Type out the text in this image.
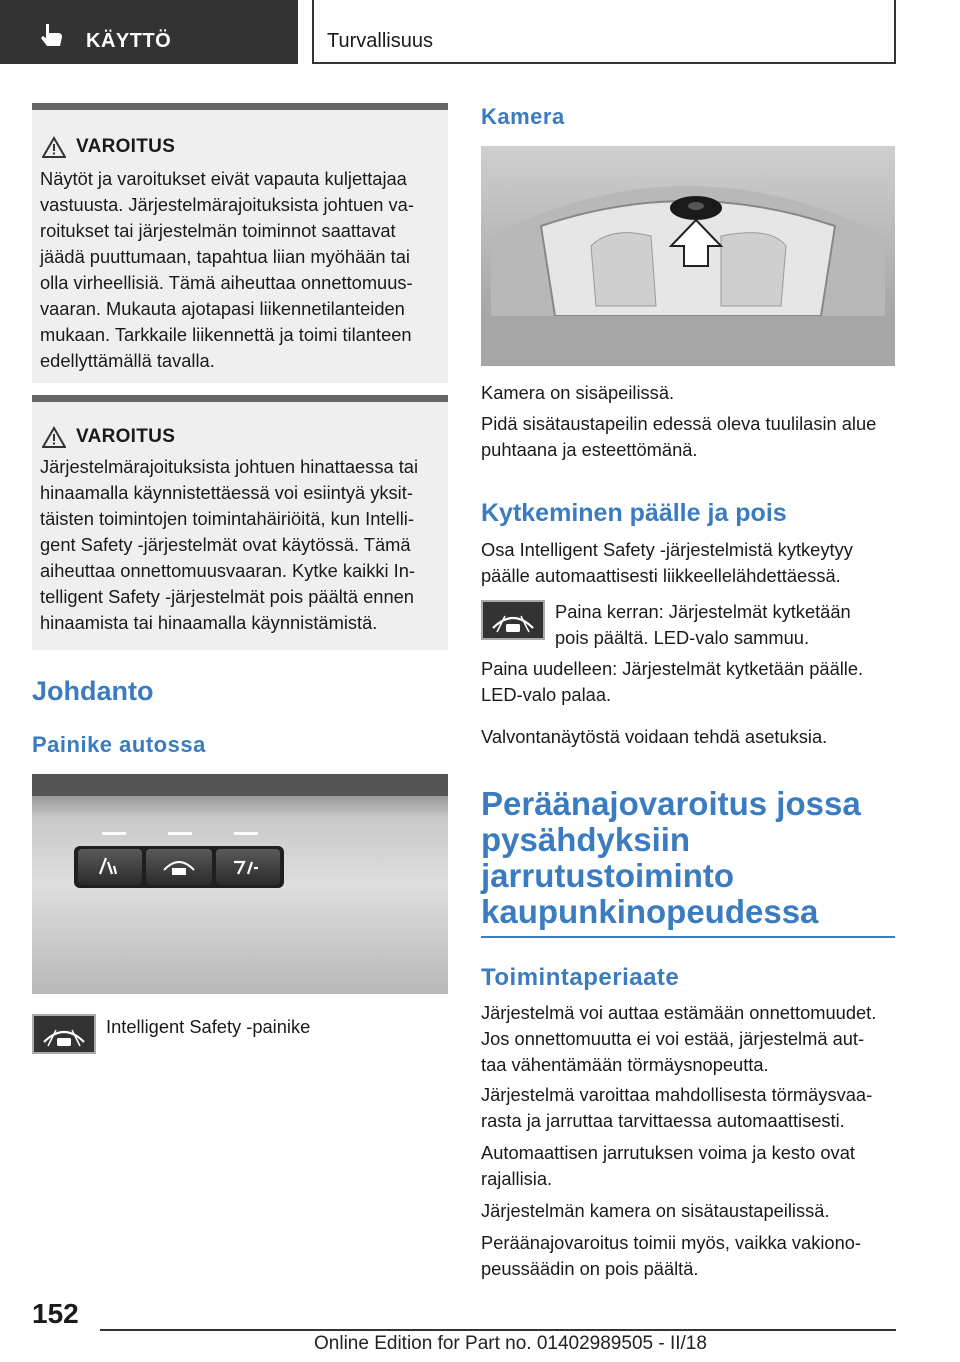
KÄYTTÖ	Turvallisuus
VAROITUS
Näytöt ja varoitukset eivät vapauta kuljettajaa
vastuusta. Järjestelmärajoituksista johtuen va‐
roitukset tai järjestelmän toiminnot saattavat
jäädä puuttumaan, tapahtua liian myöhään tai
olla virheellisiä. Tämä aiheuttaa onnettomuus‐
vaaran. Mukauta ajotapasi liikennetilanteiden
mukaan. Tarkkaile liikennettä ja toimi tilanteen
edellyttämällä tavalla.
VAROITUS
Järjestelmärajoituksista johtuen hinattaessa tai
hinaamalla käynnistettäessä voi esiintyä yksit‐
täisten toimintojen toimintahäiriöitä, kun Intelli‐
gent Safety ‑järjestelmät ovat käytössä. Tämä
aiheuttaa onnettomuusvaaran. Kytke kaikki In‐
telligent Safety ‑järjestelmät pois päältä ennen
hinaamista tai hinaamalla käynnistämistä.
Johdanto
Painike autossa
Intelligent Safety ‑painike
Kamera
Kamera on sisäpeilissä.
Pidä sisätaustapeilin edessä oleva tuulilasin alue
puhtaana ja esteettömänä.
Kytkeminen päälle ja pois
Osa Intelligent Safety ‑järjestelmistä kytkeytyy
päälle automaattisesti liikkeellelähdettäessä.
Paina kerran: Järjestelmät kytketään
pois päältä. LED‑valo sammuu.
Paina uudelleen: Järjestelmät kytketään päälle.
LED‑valo palaa.
Valvontanäytöstä voidaan tehdä asetuksia.
Peräänajovaroitus jossa
pysähdyksiin
jarrutustoiminto
kaupunkinopeudessa
Toimintaperiaate
Järjestelmä voi auttaa estämään onnettomuudet.
Jos onnettomuutta ei voi estää, järjestelmä aut‐
taa vähentämään törmäysnopeutta.
Järjestelmä varoittaa mahdollisesta törmäysvaa‐
rasta ja jarruttaa tarvittaessa automaattisesti.
Automaattisen jarrutuksen voima ja kesto ovat
rajallisia.
Järjestelmän kamera on sisätaustapeilissä.
Peräänajovaroitus toimii myös, vaikka vakiono‐
peussäädin on pois päältä.
152
Online Edition for Part no. 01402989505 - II/18
